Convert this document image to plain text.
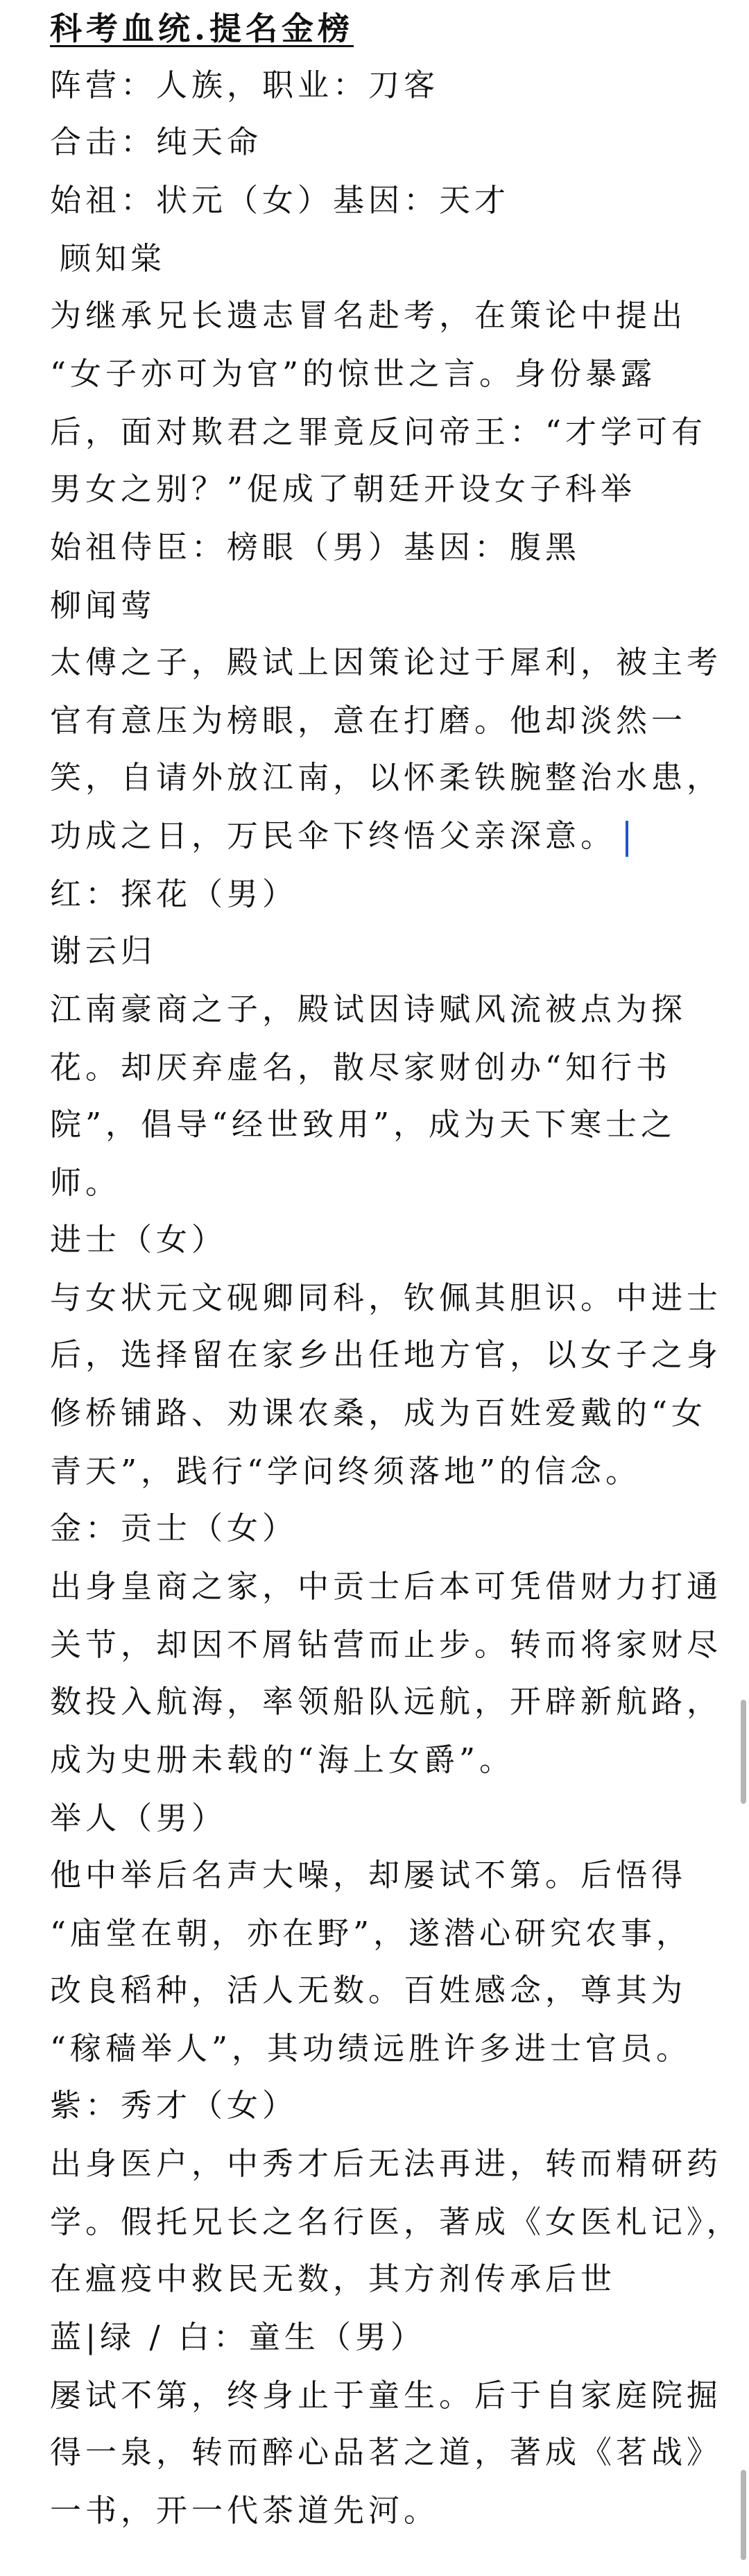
科考血统.提名金榜
阵营：人族，职业：刀客
合击：纯天命
始祖：状元（女）基因：天才
顾知棠
为继承兄长遗志冒名赴考，在策论中提出
“女子亦可为官”的惊世之言。身份暴露
后，面对欺君之罪竟反问帝王：“才学可有
男女之别？”促成了朝廷开设女子科举
始祖侍臣：榜眼（男）基因：腹黑
柳闻莺
太傅之子，殿试上因策论过于犀利，被主考
官有意压为榜眼，意在打磨。他却淡然一
笑，自请外放江南，以怀柔铁腕整治水患，
功成之日，万民伞下终悟父亲深意。
红：探花（男）
谢云归
江南豪商之子，殿试因诗赋风流被点为探
花。却厌弃虚名，散尽家财创办“知行书
院”，倡导“经世致用”，成为天下寒士之
师。
进士（女）
与女状元文砚卿同科，钦佩其胆识。中进士
后，选择留在家乡出任地方官，以女子之身
修桥铺路、劝课农桑，成为百姓爱戴的“女
青天”，践行“学问终须落地”的信念。
金：贡士（女）
出身皇商之家，中贡士后本可凭借财力打通
关节，却因不屑钻营而止步。转而将家财尽
数投入航海，率领船队远航，开辟新航路，
成为史册未载的“海上女爵”。
举人（男）
他中举后名声大噪，却屡试不第。后悟得
“庙堂在朝，亦在野”，遂潜心研究农事，
改良稻种，活人无数。百姓感念，尊其为
“稼穑举人”，其功绩远胜许多进士官员。
紫：秀才（女）
出身医户，中秀才后无法再进，转而精研药
学。假托兄长之名行医，著成《女医札记》，
在瘟疫中救民无数，其方剂传承后世
蓝|绿 / 白：童生（男）
屡试不第，终身止于童生。后于自家庭院掘
得一泉，转而醉心品茗之道，著成《茗战》
一书，开一代茶道先河。
